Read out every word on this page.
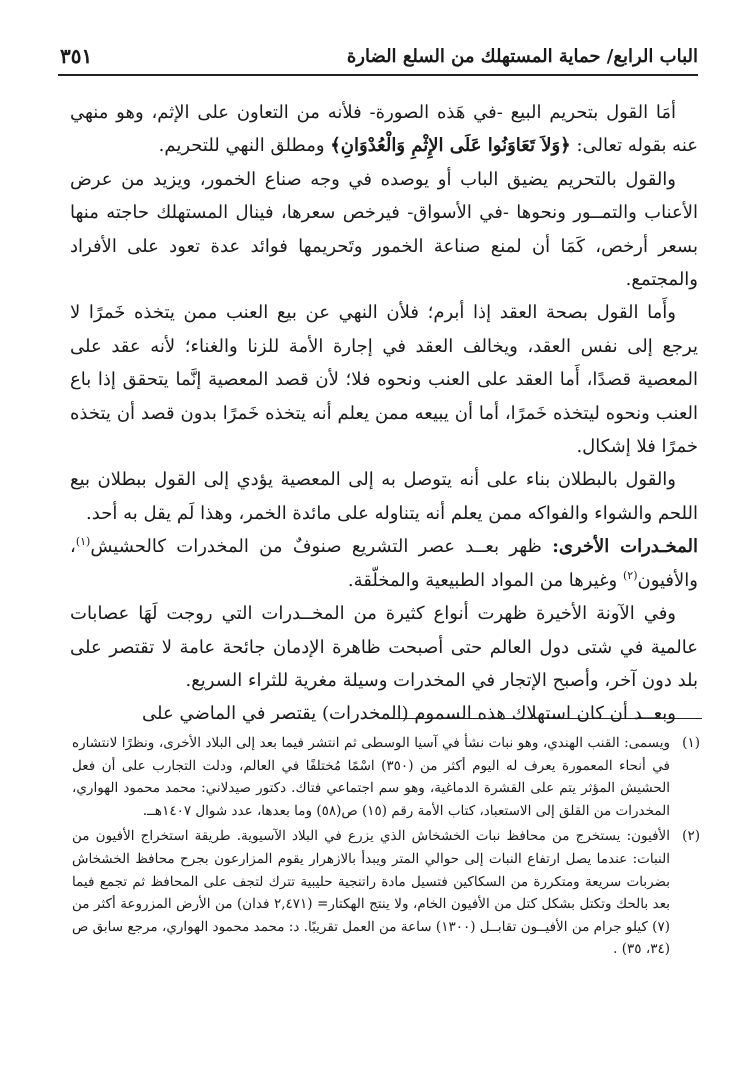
الباب الرابع/ حماية المستهلك من السلع الضارة
٣٥١

أمَا القول بتحريم البيع -في هَذه الصورة- فلأنه من التعاون على الإثم، وهو منهي عنه بقوله تعالى: ﴿وَلاَ تَعَاوَنُوا عَلَى الإِثْمِ وَالْعُدْوَانِ﴾ ومطلق النهي للتحريم.

والقول بالتحريم يضيق الباب أو يوصده في وجه صناع الخمور، ويزيد من عرض الأعناب والتمــور ونحوها -في الأسواق- فيرخص سعرها، فينال المستهلك حاجته منها بسعر أرخص، كَمَا أن لمنع صناعة الخمور وتَحريمها فوائد عدة تعود على الأفراد والمجتمع.

وأَما القول بصحة العقد إذا أبرم؛ فلأن النهي عن بيع العنب ممن يتخذه خَمرًا لا يرجع إلى نفس العقد، ويخالف العقد في إجارة الأمة للزنا والغناء؛ لأنه عقد على المعصية قصدًا، أَما العقد على العنب ونحوه فلا؛ لأن قصد المعصية إنَّما يتحقق إذا باع العنب ونحوه ليتخذه خَمرًا، أما أن يبيعه ممن يعلم أنه يتخذه خَمرًا بدون قصد أن يتخذه خمرًا فلا إشكال.

والقول بالبطلان بناء على أنه يتوصل به إلى المعصية يؤدي إلى القول ببطلان بيع اللحم والشواء والفواكه ممن يعلم أنه يتناوله على مائدة الخمر، وهذا لَم يقل به أحد.

المخـدرات الأخرى: ظهر بعــد عصر التشريع صنوفٌ من المخدرات كالحشيش$^{(١)}$، والأفيون$^{(٢)}$ وغيرها من المواد الطبيعية والمخلّقة.

وفي الآونة الأخيرة ظهرت أنواع كثيرة من المخــدرات التي روجت لَهَا عصابات عالمية في شتى دول العالم حتى أصبحت ظاهرة الإدمان جائحة عامة لا تقتصر على بلد دون آخر، وأصبح الإتجار في المخدرات وسيلة مغرية للثراء السريع.

وبعــد أن كان استهلاك هذه السموم (المخدرات) يقتصر في الماضي على

(١)
ويسمى: القنب الهندي، وهو نبات نشأ في آسيا الوسطى ثم انتشر فيما بعد إلى البلاد الأخرى، ونظرًا لانتشاره في أنحاء المعمورة يعرف له اليوم أكثر من (٣٥٠) اسْمًا مُختلفًا في العالم، ودلت التجارب على أن فعل الحشيش المؤثر يتم على القشرة الدماغية، وهو سم اجتماعي فتاك. دكتور صيدلاني: محمد محمود الهواري، المخدرات من القلق إلى الاستعباد، كتاب الأمة رقم (١٥) ص(٥٨) وما بعدها، عدد شوال ١٤٠٧هــ.
(٢)
الأفيون: يستخرج من محافظ نبات الخشخاش الذي يزرع في البلاد الآسيوية. طريقة استخراج الأفيون من النبات: عندما يصل ارتفاع النبات إلى حوالي المتر ويبدأ بالازهرار يقوم المزارعون بجرح محافظ الخشخاش بضربات سريعة ومتكررة من السكاكين فتسيل مادة راتنجية حليبية تترك لتجف على المحافظ ثم تجمع فيما بعد بالحك وتكتل بشكل كتل من الأفيون الخام، ولا ينتج الهكتار= (٢,٤٧١ فدان) من الأرض المزروعة أكثر من (٧) كيلو جرام من الأفيــون تقابــل (١٣٠٠) ساعة من العمل تقريبًا. د: محمد محمود الهواري، مرجع سابق ص (٣٤، ٣٥) .
